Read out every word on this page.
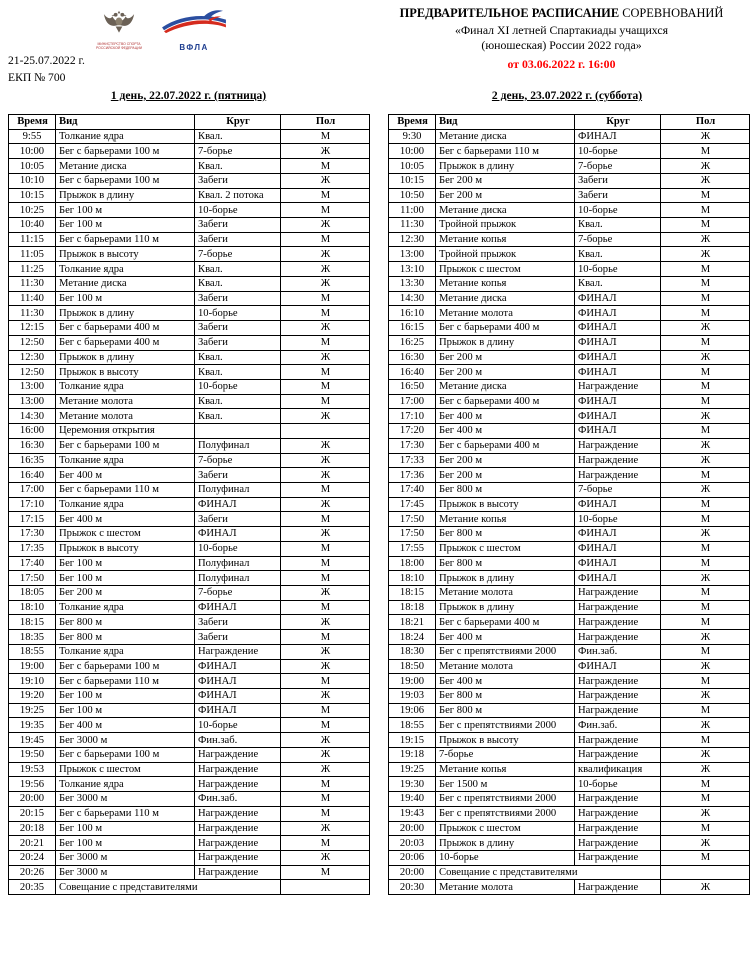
МИНИСТЕРСТВО СПОРТА
РОССИЙСКОЙ ФЕДЕРАЦИИ	ВФЛА
21-25.07.2022 г.
ЕКП № 700
ПРЕДВАРИТЕЛЬНОЕ РАСПИСАНИЕ СОРЕВНОВАНИЙ
«Финал XI летней Спартакиады учащихся
(юношеская) России 2022 года»
от 03.06.2022 г. 16:00
1 день, 22.07.2022 г. (пятница)	2 день, 23.07.2022 г. (суббота)
Время	Вид	Круг	Пол
9:55	Толкание ядра	Квал.	М
10:00	Бег с барьерами 100 м	7-борье	Ж
10:05	Метание диска	Квал.	М
10:10	Бег с барьерами 100 м	Забеги	Ж
10:15	Прыжок в длину	Квал. 2 потока	М
10:25	Бег 100 м	10-борье	М
10:40	Бег 100 м	Забеги	Ж
11:15	Бег с барьерами 110 м	Забеги	М
11:05	Прыжок в высоту	7-борье	Ж
11:25	Толкание ядра	Квал.	Ж
11:30	Метание диска	Квал.	Ж
11:40	Бег 100 м	Забеги	М
11:30	Прыжок в длину	10-борье	М
12:15	Бег с барьерами 400 м	Забеги	Ж
12:50	Бег с барьерами 400 м	Забеги	М
12:30	Прыжок в длину	Квал.	Ж
12:50	Прыжок в высоту	Квал.	М
13:00	Толкание ядра	10-борье	М
13:00	Метание молота	Квал.	М
14:30	Метание молота	Квал.	Ж
16:00	Церемония открытия		
16:30	Бег с барьерами 100 м	Полуфинал	Ж
16:35	Толкание ядра	7-борье	Ж
16:40	Бег 400 м	Забеги	Ж
17:00	Бег с барьерами 110 м	Полуфинал	М
17:10	Толкание ядра	ФИНАЛ	Ж
17:15	Бег 400 м	Забеги	М
17:30	Прыжок с шестом	ФИНАЛ	Ж
17:35	Прыжок в высоту	10-борье	М
17:40	Бег 100 м	Полуфинал	М
17:50	Бег 100 м	Полуфинал	М
18:05	Бег 200 м	7-борье	Ж
18:10	Толкание ядра	ФИНАЛ	М
18:15	Бег 800 м	Забеги	Ж
18:35	Бег 800 м	Забеги	М
18:55	Толкание ядра	Награждение	Ж
19:00	Бег с барьерами 100 м	ФИНАЛ	Ж
19:10	Бег с барьерами 110 м	ФИНАЛ	М
19:20	Бег 100 м	ФИНАЛ	Ж
19:25	Бег 100 м	ФИНАЛ	М
19:35	Бег 400 м	10-борье	М
19:45	Бег 3000 м	Фин.заб.	Ж
19:50	Бег с барьерами 100 м	Награждение	Ж
19:53	Прыжок с шестом	Награждение	Ж
19:56	Толкание ядра	Награждение	М
20:00	Бег 3000 м	Фин.заб.	М
20:15	Бег с барьерами 110 м	Награждение	М
20:18	Бег 100 м	Награждение	Ж
20:21	Бег 100 м	Награждение	М
20:24	Бег 3000 м	Награждение	Ж
20:26	Бег 3000 м	Награждение	М
20:35	Совещание с представителями		
Время	Вид	Круг	Пол
9:30	Метание диска	ФИНАЛ	Ж
10:00	Бег с барьерами 110 м	10-борье	М
10:05	Прыжок в длину	7-борье	Ж
10:15	Бег 200 м	Забеги	Ж
10:50	Бег 200 м	Забеги	М
11:00	Метание диска	10-борье	М
11:30	Тройной прыжок	Квал.	М
12:30	Метание копья	7-борье	Ж
13:00	Тройной прыжок	Квал.	Ж
13:10	Прыжок с шестом	10-борье	М
13:30	Метание копья	Квал.	М
14:30	Метание диска	ФИНАЛ	М
16:10	Метание молота	ФИНАЛ	М
16:15	Бег с барьерами 400 м	ФИНАЛ	Ж
16:25	Прыжок в длину	ФИНАЛ	М
16:30	Бег 200 м	ФИНАЛ	Ж
16:40	Бег 200 м	ФИНАЛ	М
16:50	Метание диска	Награждение	М
17:00	Бег с барьерами 400 м	ФИНАЛ	М
17:10	Бег 400 м	ФИНАЛ	Ж
17:20	Бег 400 м	ФИНАЛ	М
17:30	Бег с барьерами 400 м	Награждение	Ж
17:33	Бег 200 м	Награждение	Ж
17:36	Бег 200 м	Награждение	М
17:40	Бег 800 м	7-борье	Ж
17:45	Прыжок в высоту	ФИНАЛ	М
17:50	Метание копья	10-борье	М
17:50	Бег 800 м	ФИНАЛ	Ж
17:55	Прыжок с шестом	ФИНАЛ	М
18:00	Бег 800 м	ФИНАЛ	М
18:10	Прыжок в длину	ФИНАЛ	Ж
18:15	Метание молота	Награждение	М
18:18	Прыжок в длину	Награждение	М
18:21	Бег с барьерами 400 м	Награждение	М
18:24	Бег 400 м	Награждение	Ж
18:30	Бег с препятствиями 2000	Фин.заб.	М
18:50	Метание молота	ФИНАЛ	Ж
19:00	Бег 400 м	Награждение	М
19:03	Бег 800 м	Награждение	Ж
19:06	Бег 800 м	Награждение	М
18:55	Бег с препятствиями 2000	Фин.заб.	Ж
19:15	Прыжок в высоту	Награждение	М
19:18	7-борье	Награждение	Ж
19:25	Метание копья	квалификация	Ж
19:30	Бег 1500 м	10-борье	М
19:40	Бег с препятствиями 2000	Награждение	М
19:43	Бег с препятствиями 2000	Награждение	Ж
20:00	Прыжок с шестом	Награждение	М
20:03	Прыжок в длину	Награждение	Ж
20:06	10-борье	Награждение	М
20:00	Совещание с представителями		
20:30	Метание молота	Награждение	Ж
